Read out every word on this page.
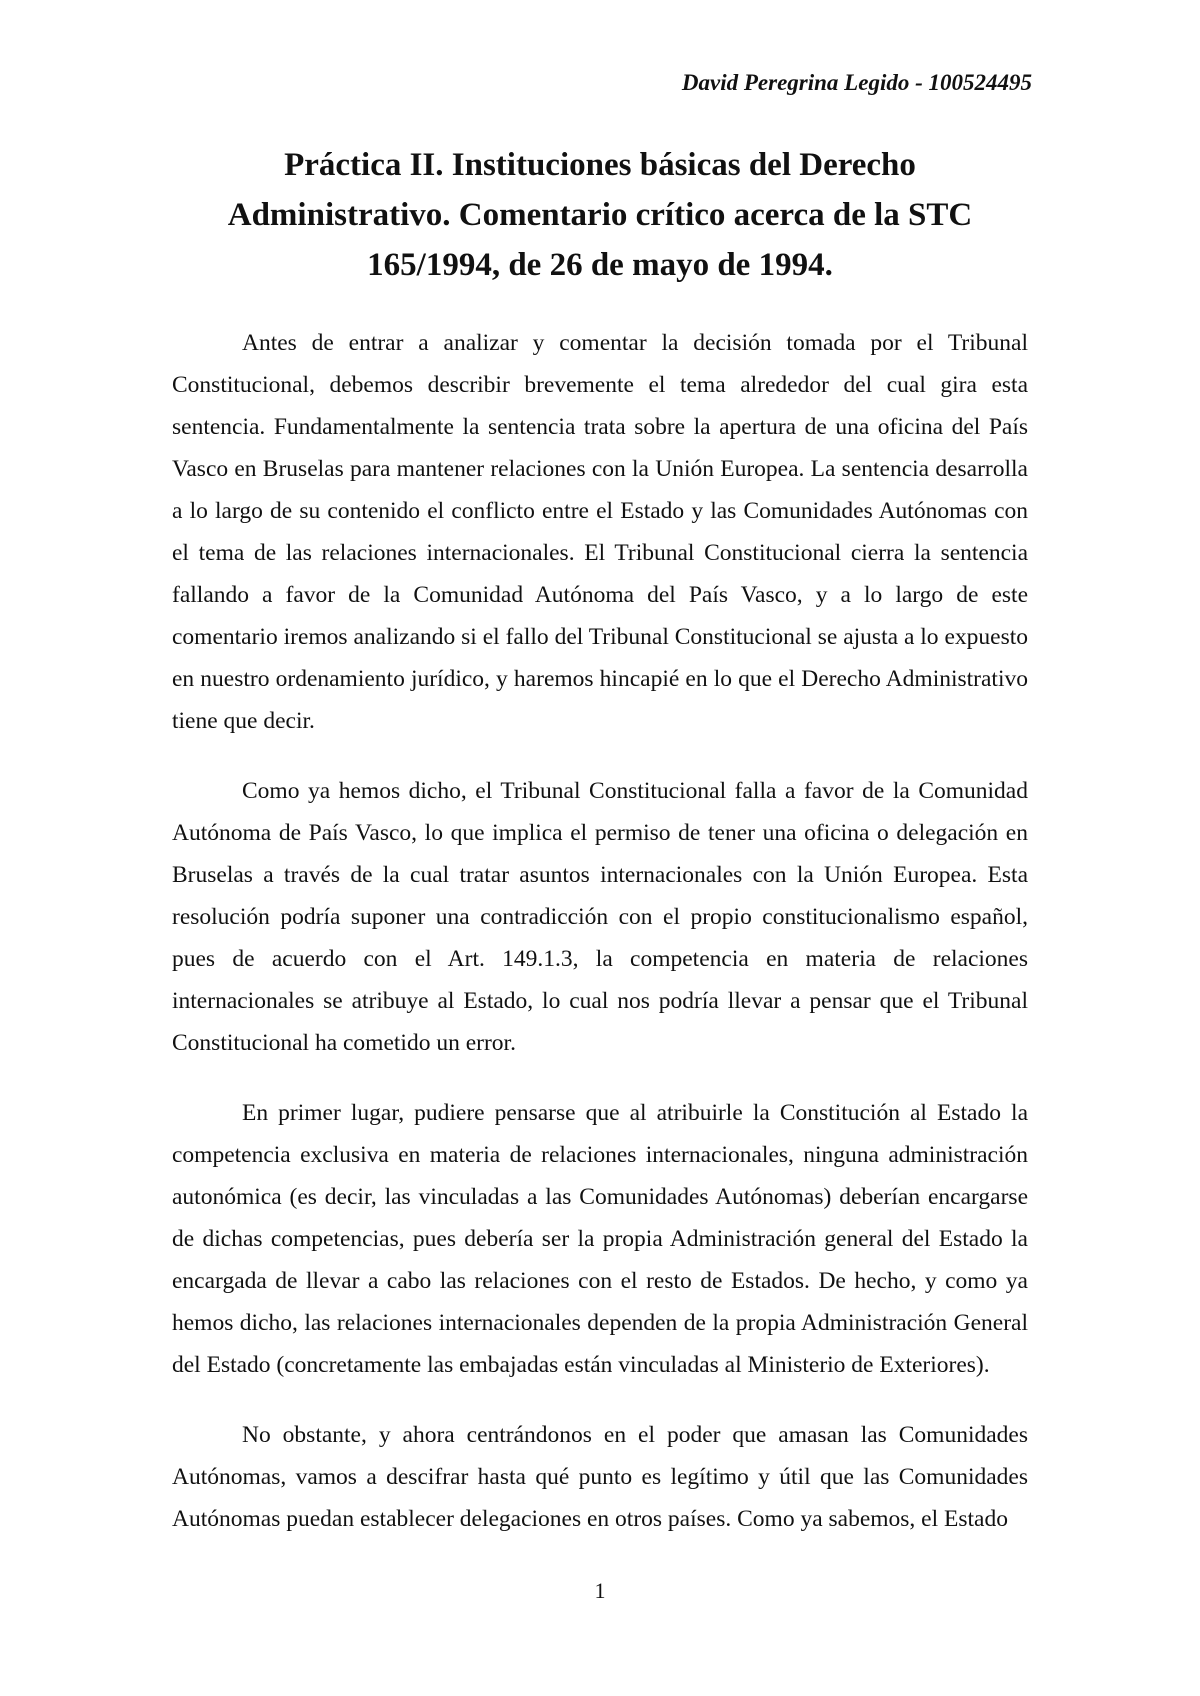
David Peregrina Legido - 100524495

Práctica II. Instituciones básicas del Derecho Administrativo. Comentario crítico acerca de la STC 165/1994, de 26 de mayo de 1994.

Antes de entrar a analizar y comentar la decisión tomada por el Tribunal Constitucional, debemos describir brevemente el tema alrededor del cual gira esta sentencia. Fundamentalmente la sentencia trata sobre la apertura de una oficina del País Vasco en Bruselas para mantener relaciones con la Unión Europea. La sentencia desarrolla a lo largo de su contenido el conflicto entre el Estado y las Comunidades Autónomas con el tema de las relaciones internacionales. El Tribunal Constitucional cierra la sentencia fallando a favor de la Comunidad Autónoma del País Vasco, y a lo largo de este comentario iremos analizando si el fallo del Tribunal Constitucional se ajusta a lo expuesto en nuestro ordenamiento jurídico, y haremos hincapié en lo que el Derecho Administrativo tiene que decir.

Como ya hemos dicho, el Tribunal Constitucional falla a favor de la Comunidad Autónoma de País Vasco, lo que implica el permiso de tener una oficina o delegación en Bruselas a través de la cual tratar asuntos internacionales con la Unión Europea. Esta resolución podría suponer una contradicción con el propio constitucionalismo español, pues de acuerdo con el Art. 149.1.3, la competencia en materia de relaciones internacionales se atribuye al Estado, lo cual nos podría llevar a pensar que el Tribunal Constitucional ha cometido un error.

En primer lugar, pudiere pensarse que al atribuirle la Constitución al Estado la competencia exclusiva en materia de relaciones internacionales, ninguna administración autonómica (es decir, las vinculadas a las Comunidades Autónomas) deberían encargarse de dichas competencias, pues debería ser la propia Administración general del Estado la encargada de llevar a cabo las relaciones con el resto de Estados. De hecho, y como ya hemos dicho, las relaciones internacionales dependen de la propia Administración General del Estado (concretamente las embajadas están vinculadas al Ministerio de Exteriores).

No obstante, y ahora centrándonos en el poder que amasan las Comunidades Autónomas, vamos a descifrar hasta qué punto es legítimo y útil que las Comunidades Autónomas puedan establecer delegaciones en otros países. Como ya sabemos, el Estado

1
